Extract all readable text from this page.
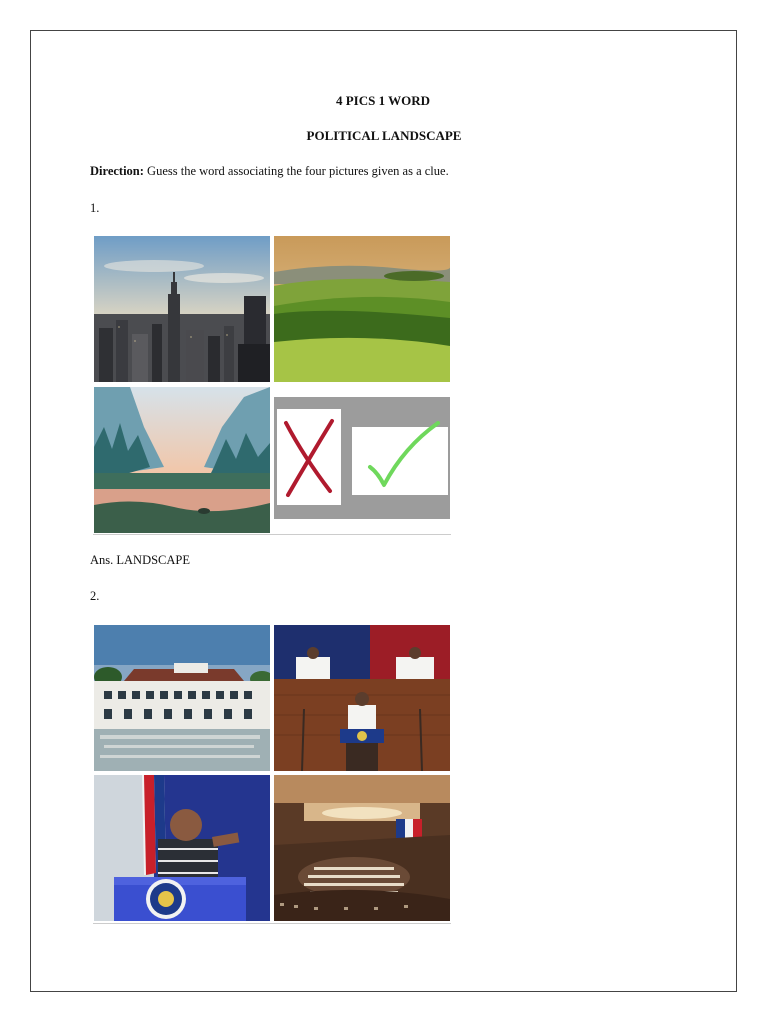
4 PICS 1 WORD
POLITICAL LANDSCAPE
Direction: Guess the word associating the four pictures given as a clue.
1.
Ans. LANDSCAPE
2.
